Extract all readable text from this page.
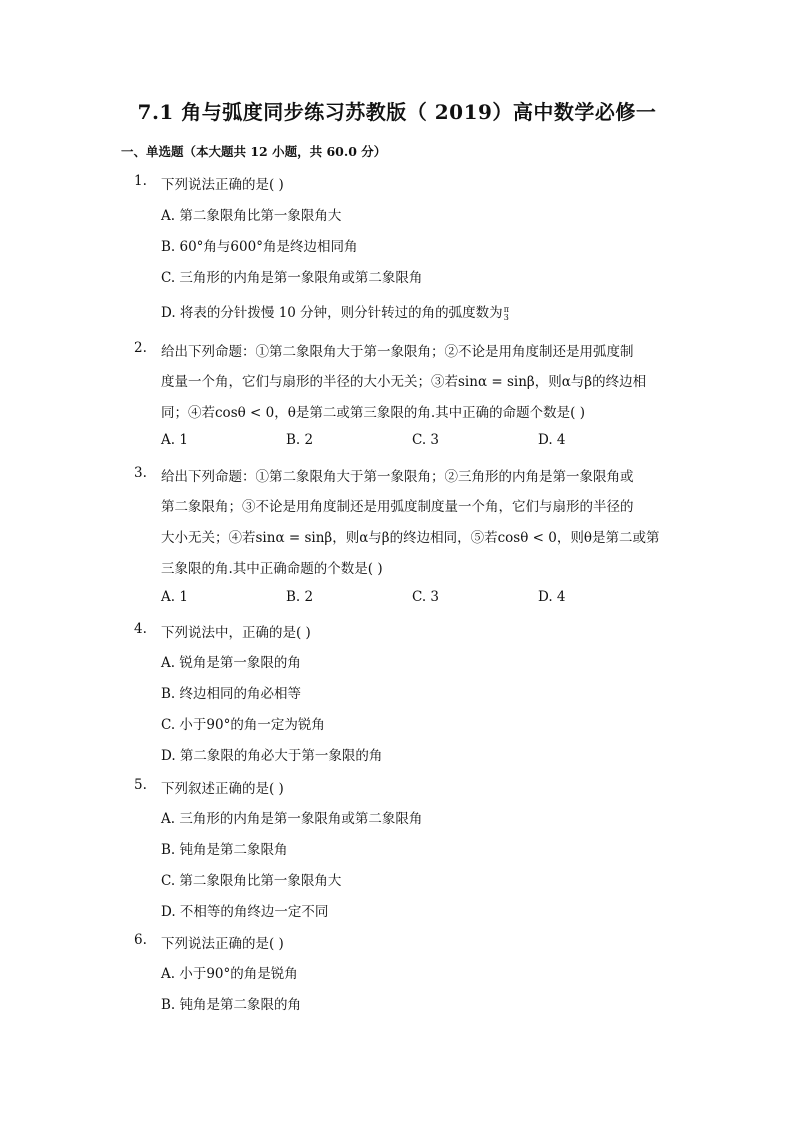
7.1 角与弧度同步练习苏教版（ 2019）高中数学必修一
一、单选题（本大题共 12 小题，共 60.0 分）
1. 下列说法正确的是( )
A. 第二象限角比第一象限角大
B. 60°角与600°角是终边相同角
C. 三角形的内角是第一象限角或第二象限角
D. 将表的分针拨慢 10 分钟，则分针转过的角的弧度数为 π
3
2. 给出下列命题：①第二象限角大于第一象限角；②不论是用角度制还是用弧度制
度量一个角，它们与扇形的半径的大小无关；③若sinα = sinβ，则α与β的终边相
同；④若cosθ < 0，θ是第二或第三象限的角.其中正确的命题个数是( )
A. 1	B. 2	C. 3	D. 4
3. 给出下列命题：①第二象限角大于第一象限角；②三角形的内角是第一象限角或
第二象限角；③不论是用角度制还是用弧度制度量一个角，它们与扇形的半径的
大小无关；④若sinα = sinβ，则α与β的终边相同，⑤若cosθ < 0，则θ是第二或第
三象限的角.其中正确命题的个数是( )
A. 1	B. 2	C. 3	D. 4
4. 下列说法中，正确的是( )
A. 锐角是第一象限的角
B. 终边相同的角必相等
C. 小于90°的角一定为锐角
D. 第二象限的角必大于第一象限的角
5. 下列叙述正确的是( )
A. 三角形的内角是第一象限角或第二象限角
B. 钝角是第二象限角
C. 第二象限角比第一象限角大
D. 不相等的角终边一定不同
6. 下列说法正确的是( )
A. 小于90°的角是锐角
B. 钝角是第二象限的角
